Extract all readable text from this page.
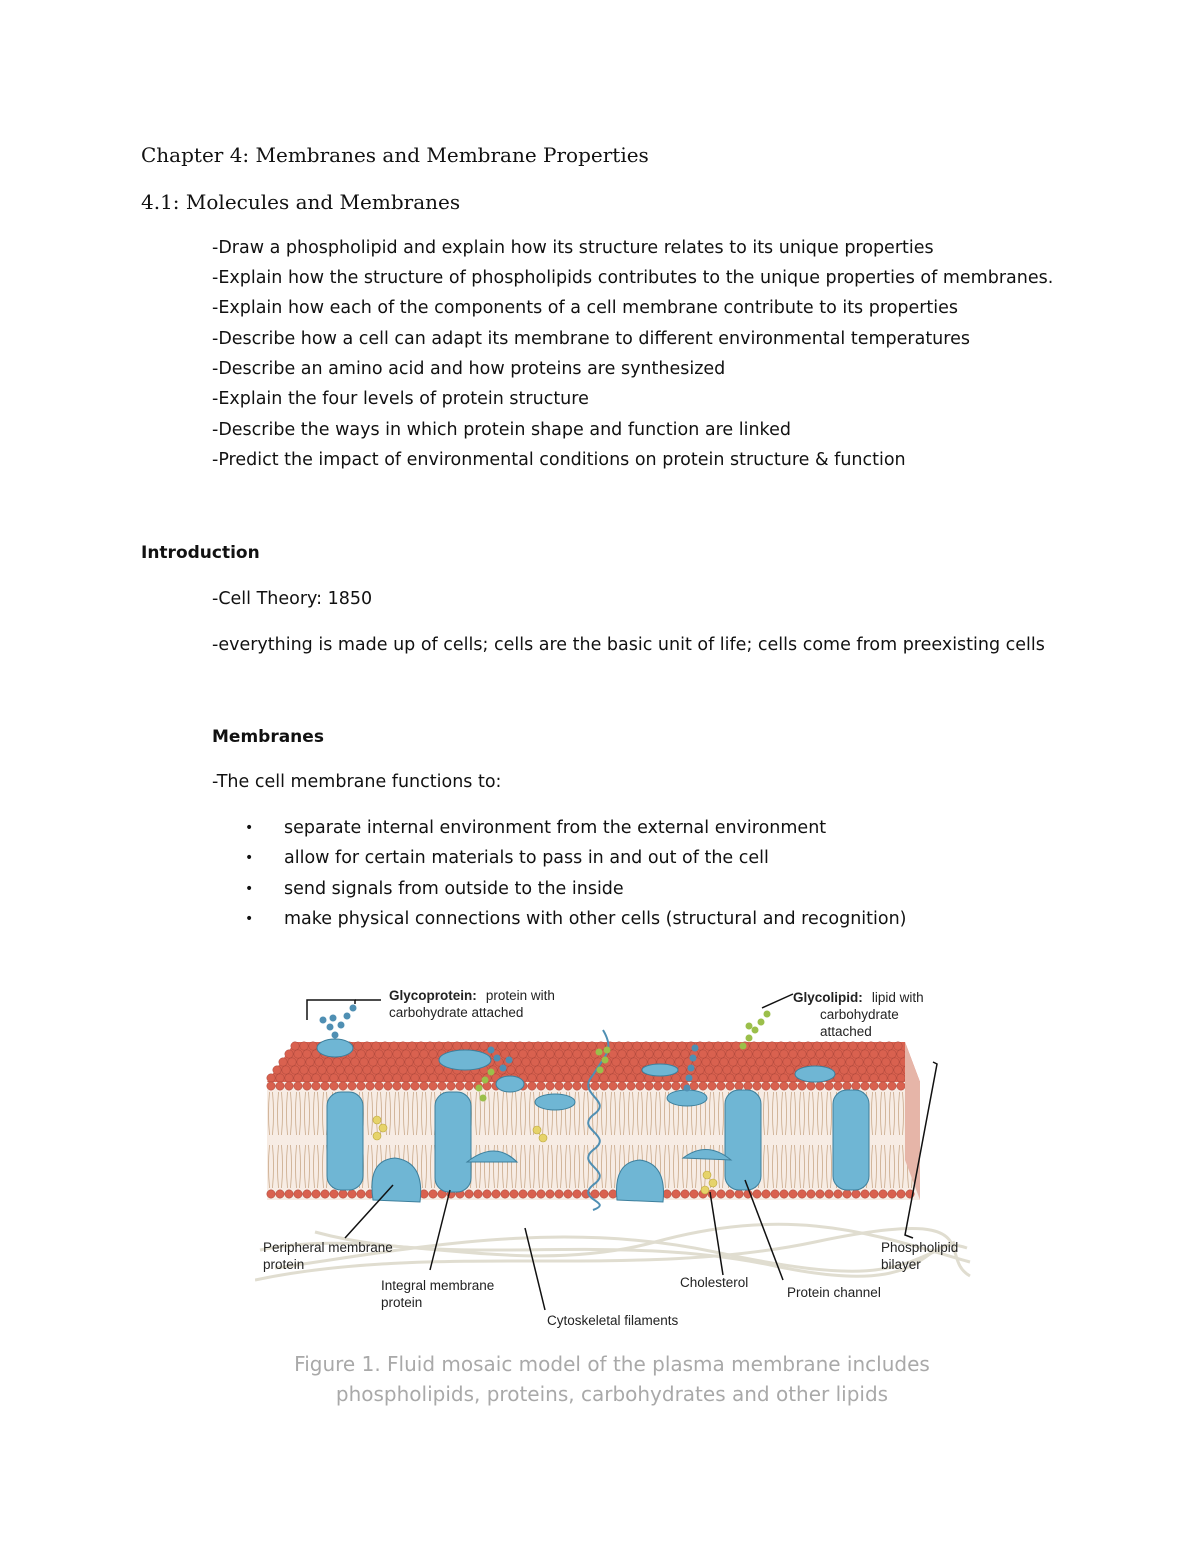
Chapter 4: Membranes and Membrane Properties
4.1: Molecules and Membranes
-Draw a phospholipid and explain how its structure relates to its unique properties
-Explain how the structure of phospholipids contributes to the unique properties of membranes.
-Explain how each of the components of a cell membrane contribute to its properties
-Describe how a cell can adapt its membrane to different environmental temperatures
-Describe an amino acid and how proteins are synthesized
-Explain the four levels of protein structure
-Describe the ways in which protein shape and function are linked
-Predict the impact of environmental conditions on protein structure & function
Introduction
-Cell Theory: 1850
-everything is made up of cells; cells are the basic unit of life; cells come from preexisting cells
Membranes
-The cell membrane functions to:
• separate internal environment from the external environment
• allow for certain materials to pass in and out of the cell
• send signals from outside to the inside
• make physical connections with other cells (structural and recognition)
Glycoprotein: protein with
carbohydrate attached
Glycolipid: lipid with
carbohydrate
attached
Peripheral membrane
protein
Integral membrane
protein
Cytoskeletal filaments
Cholesterol
Protein channel
Phospholipid
bilayer
Figure 1. Fluid mosaic model of the plasma membrane includes
phospholipids, proteins, carbohydrates and other lipids
